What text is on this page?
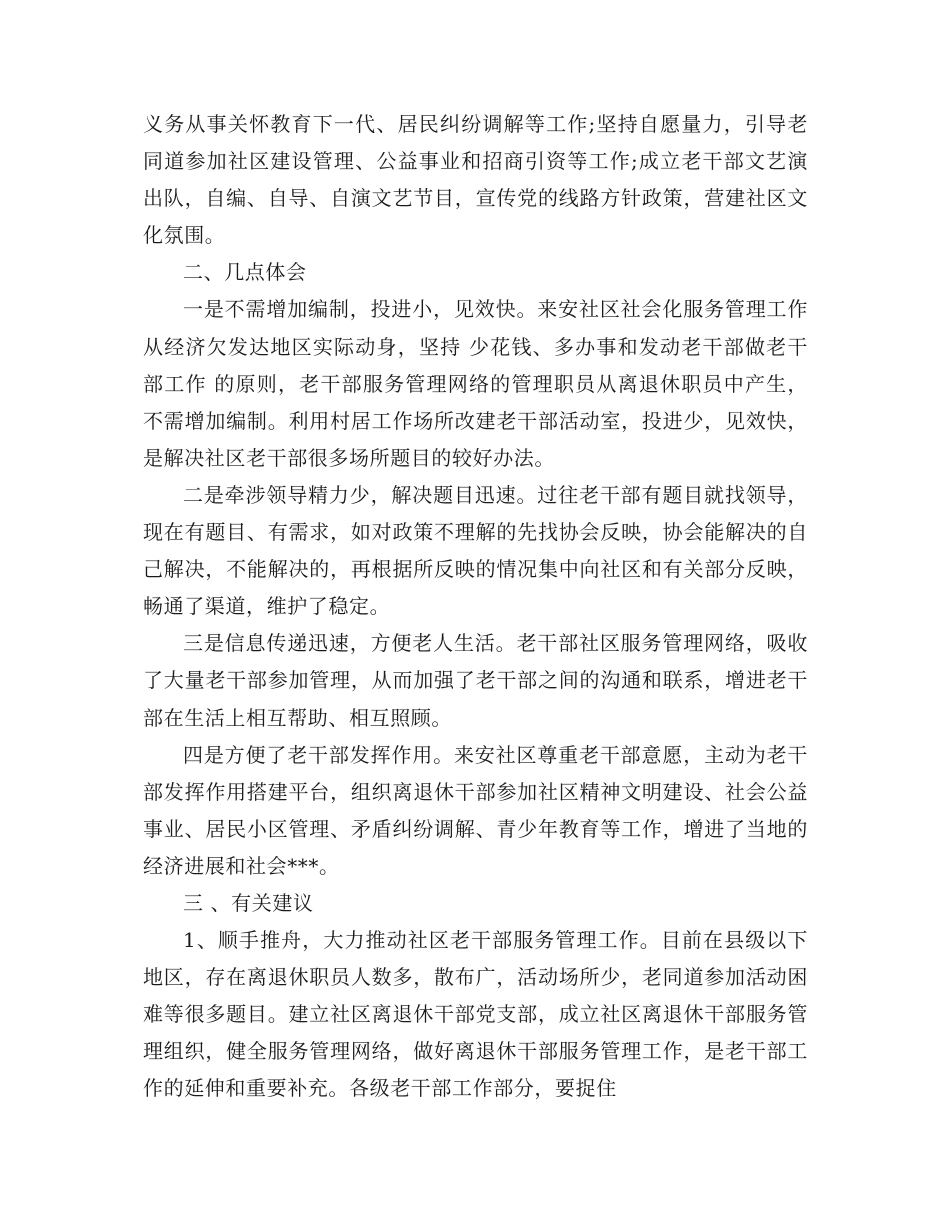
义务从事关怀教育下一代、居民纠纷调解等工作;坚持自愿量力，引导老同道参加社区建设管理、公益事业和招商引资等工作;成立老干部文艺演出队，自编、自导、自演文艺节目，宣传党的线路方针政策，营建社区文化氛围。

二、几点体会

一是不需增加编制，投进小，见效快。来安社区社会化服务管理工作从经济欠发达地区实际动身，坚持 少花钱、多办事和发动老干部做老干部工作 的原则，老干部服务管理网络的管理职员从离退休职员中产生，不需增加编制。利用村居工作场所改建老干部活动室，投进少，见效快，是解决社区老干部很多场所题目的较好办法。

二是牵涉领导精力少，解决题目迅速。过往老干部有题目就找领导，现在有题目、有需求，如对政策不理解的先找协会反映，协会能解决的自己解决，不能解决的，再根据所反映的情况集中向社区和有关部分反映，畅通了渠道，维护了稳定。

三是信息传递迅速，方便老人生活。老干部社区服务管理网络，吸收了大量老干部参加管理，从而加强了老干部之间的沟通和联系，增进老干部在生活上相互帮助、相互照顾。

四是方便了老干部发挥作用。来安社区尊重老干部意愿，主动为老干部发挥作用搭建平台，组织离退休干部参加社区精神文明建设、社会公益事业、居民小区管理、矛盾纠纷调解、青少年教育等工作，增进了当地的经济进展和社会***。

三 、有关建议

1、顺手推舟，大力推动社区老干部服务管理工作。目前在县级以下地区，存在离退休职员人数多，散布广，活动场所少，老同道参加活动困难等很多题目。建立社区离退休干部党支部，成立社区离退休干部服务管理组织，健全服务管理网络，做好离退休干部服务管理工作，是老干部工作的延伸和重要补充。各级老干部工作部分，要捉住
